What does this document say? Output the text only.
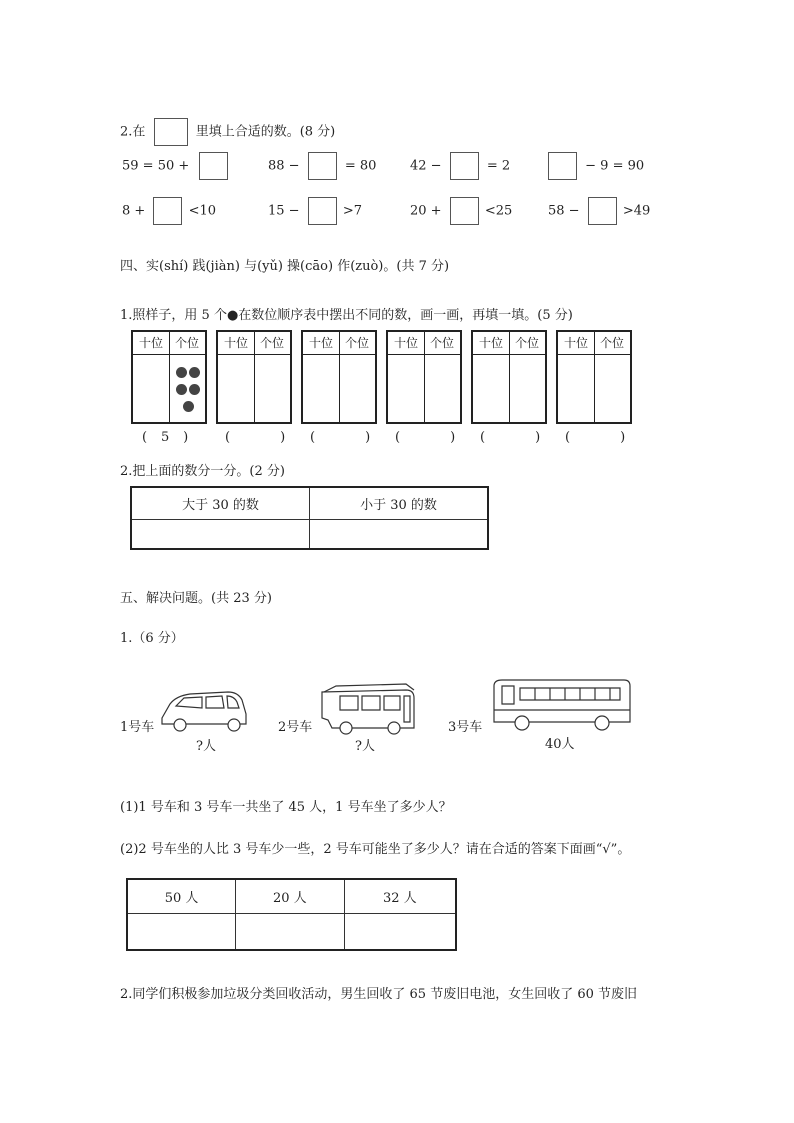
2.在	里填上合适的数。(8 分)
59 = 50 +	88 −	= 80	42 −	= 2	− 9 = 90
8 +	<10	15 −	>7	20 +	<25	58 −	>49
四、实(shí) 践(jiàn) 与(yǔ) 操(cāo) 作(zuò)。(共 7 分)
1.照样子，用 5 个●在数位顺序表中摆出不同的数，画一画，再填一填。(5 分)
十位 个位	十位 个位	十位 个位	十位 个位	十位 个位	十位 个位
( 5 )	(	) (	) (	) (	) (	)
2.把上面的数分一分。(2 分)
大于 30 的数	小于 30 的数

五、解决问题。(共 23 分)
1.（6 分）
1号车
?人
2号车
?人
3号车
40人
(1)1 号车和 3 号车一共坐了 45 人，1 号车坐了多少人？
(2)2 号车坐的人比 3 号车少一些，2 号车可能坐了多少人？请在合适的答案下面画“√”。
50 人	20 人	32 人

2.同学们积极参加垃圾分类回收活动，男生回收了 65 节废旧电池，女生回收了 60 节废旧
